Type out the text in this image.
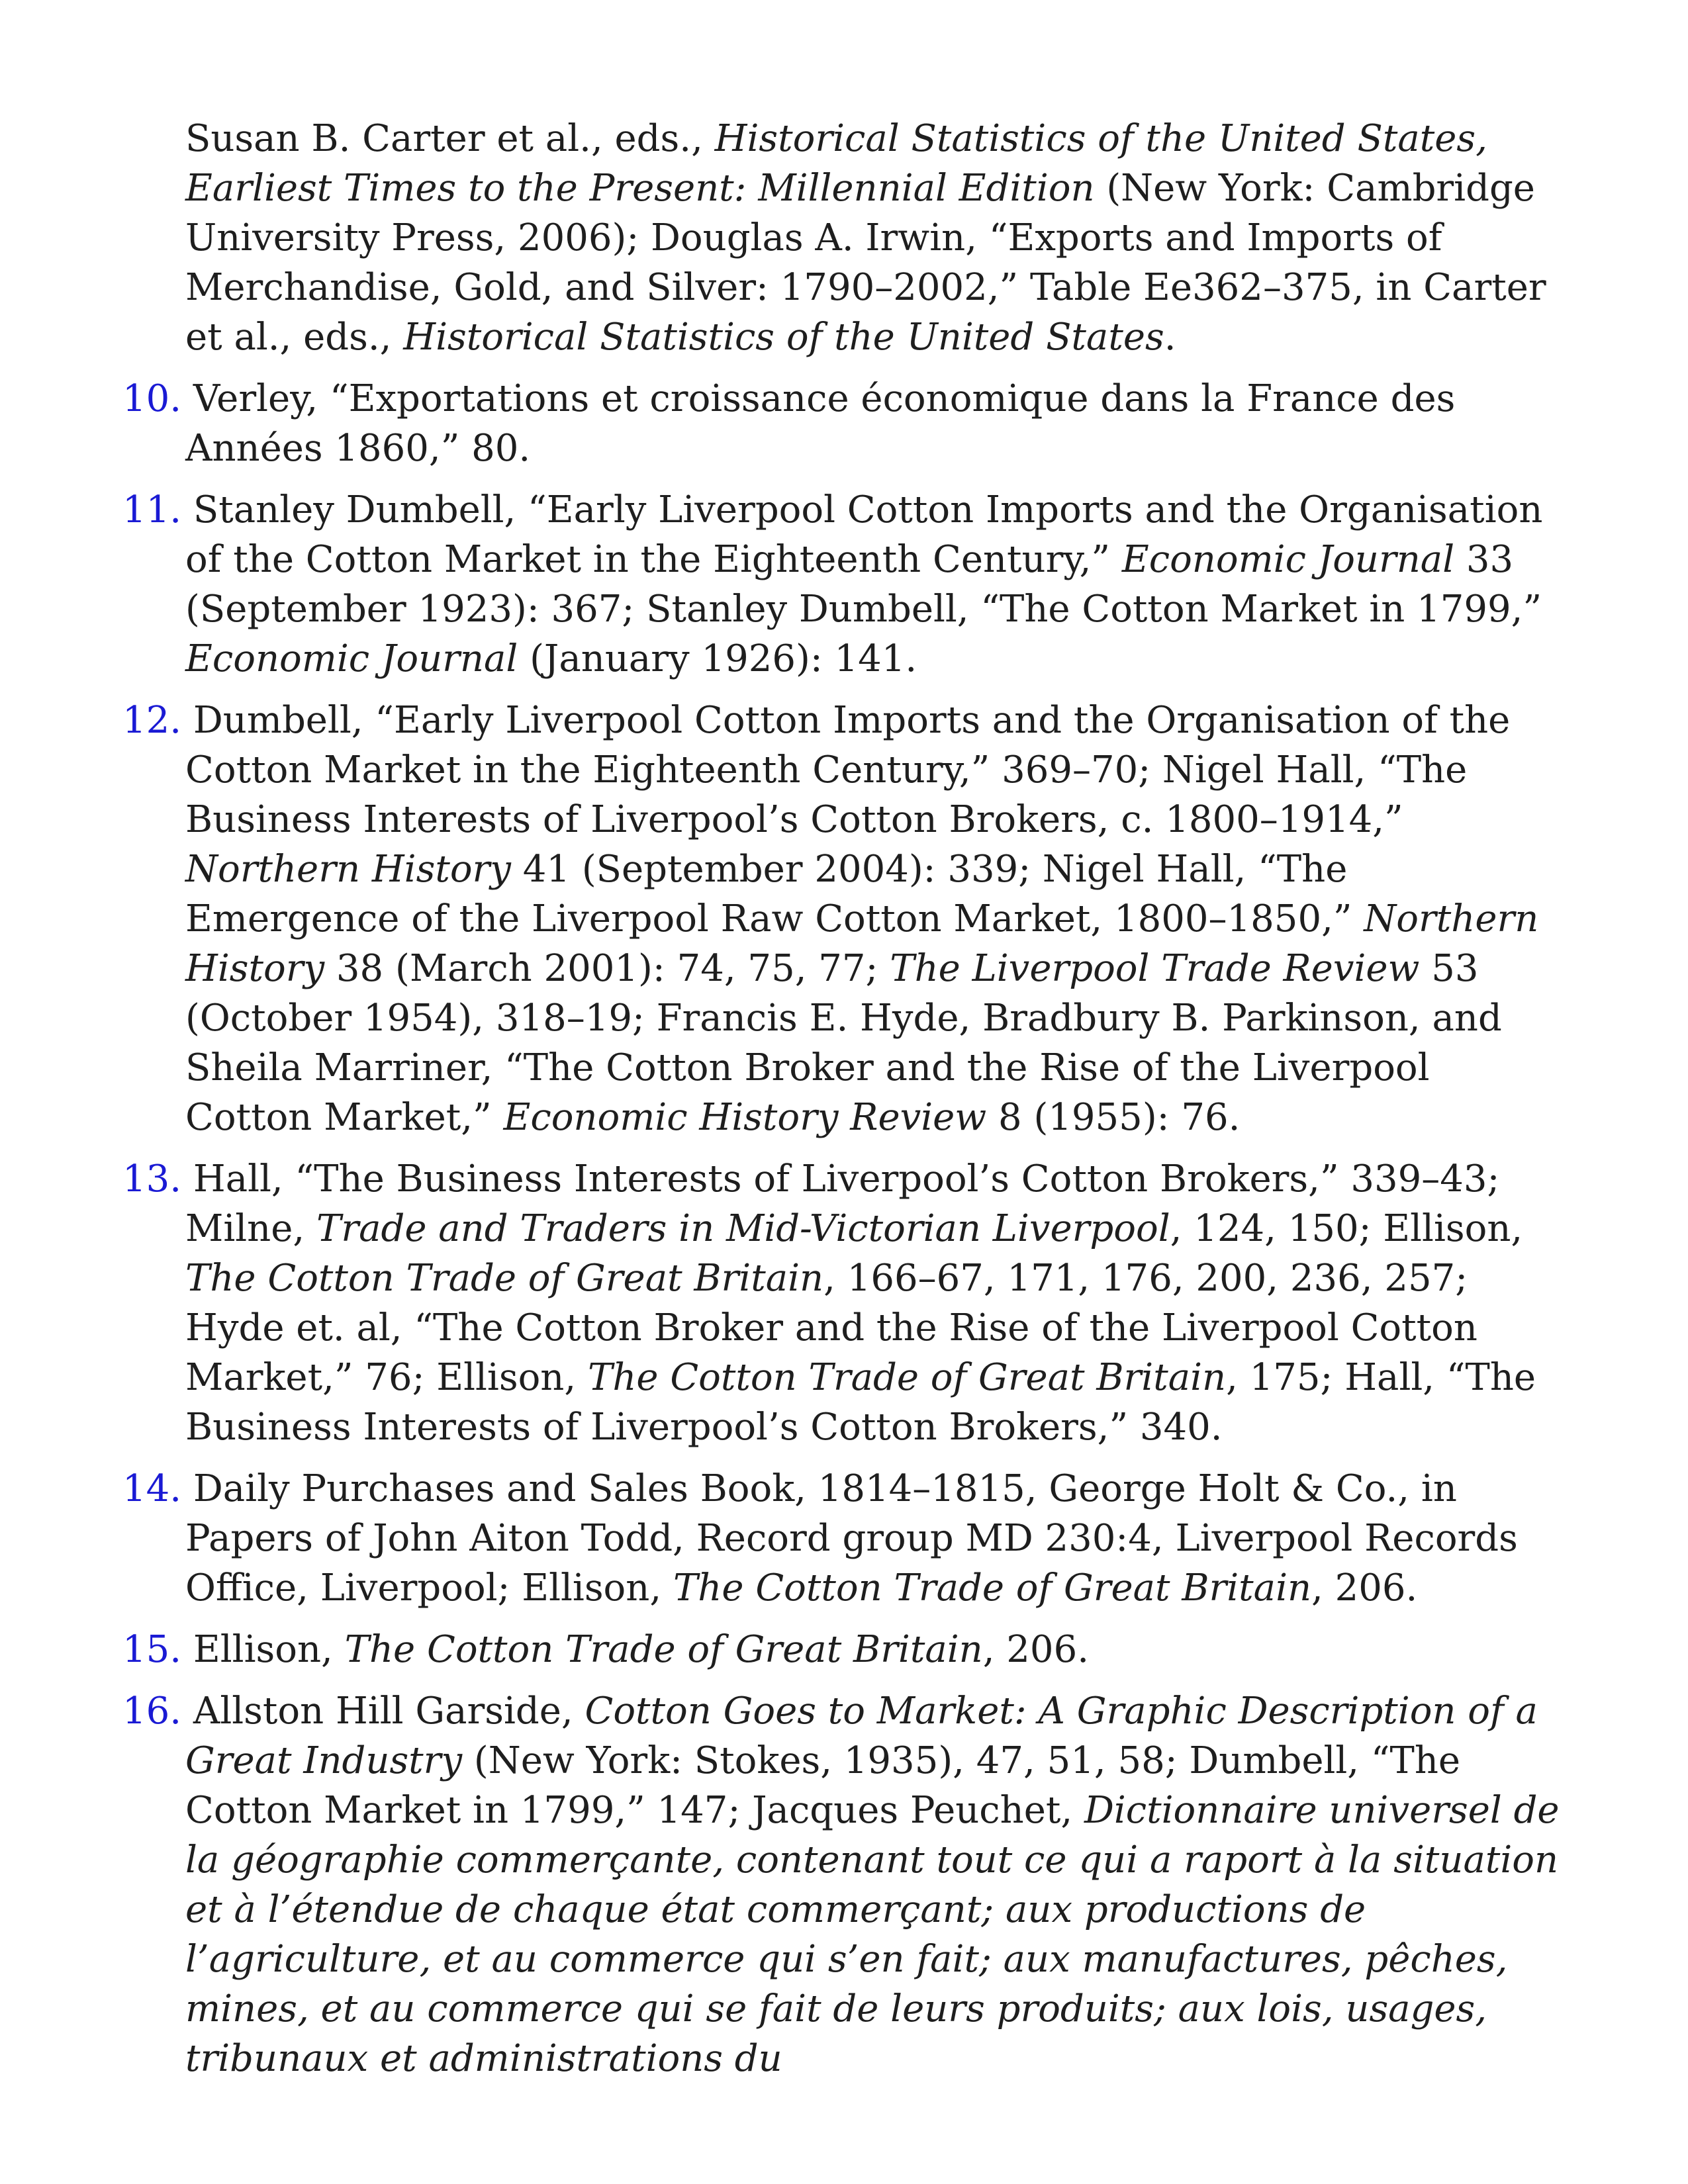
Susan B. Carter et al., eds., Historical Statistics of the United States, Earliest Times to the Present: Millennial Edition (New York: Cambridge University Press, 2006); Douglas A. Irwin, “Exports and Imports of Merchandise, Gold, and Silver: 1790–2002,” Table Ee362–375, in Carter et al., eds., Historical Statistics of the United States.

10. Verley, “Exportations et croissance économique dans la France des Années 1860,” 80.

11. Stanley Dumbell, “Early Liverpool Cotton Imports and the Organisation of the Cotton Market in the Eighteenth Century,” Economic Journal 33 (September 1923): 367; Stanley Dumbell, “The Cotton Market in 1799,” Economic Journal (January 1926): 141.

12. Dumbell, “Early Liverpool Cotton Imports and the Organisation of the Cotton Market in the Eighteenth Century,” 369–70; Nigel Hall, “The Business Interests of Liverpool’s Cotton Brokers, c. 1800–1914,” Northern History 41 (September 2004): 339; Nigel Hall, “The Emergence of the Liverpool Raw Cotton Market, 1800–1850,” Northern History 38 (March 2001): 74, 75, 77; The Liverpool Trade Review 53 (October 1954), 318–19; Francis E. Hyde, Bradbury B. Parkinson, and Sheila Marriner, “The Cotton Broker and the Rise of the Liverpool Cotton Market,” Economic History Review 8 (1955): 76.

13. Hall, “The Business Interests of Liverpool’s Cotton Brokers,” 339–43; Milne, Trade and Traders in Mid-Victorian Liverpool, 124, 150; Ellison, The Cotton Trade of Great Britain, 166–67, 171, 176, 200, 236, 257; Hyde et. al, “The Cotton Broker and the Rise of the Liverpool Cotton Market,” 76; Ellison, The Cotton Trade of Great Britain, 175; Hall, “The Business Interests of Liverpool’s Cotton Brokers,” 340.

14. Daily Purchases and Sales Book, 1814–1815, George Holt & Co., in Papers of John Aiton Todd, Record group MD 230:4, Liverpool Records Office, Liverpool; Ellison, The Cotton Trade of Great Britain, 206.

15. Ellison, The Cotton Trade of Great Britain, 206.

16. Allston Hill Garside, Cotton Goes to Market: A Graphic Description of a Great Industry (New York: Stokes, 1935), 47, 51, 58; Dumbell, “The Cotton Market in 1799,” 147; Jacques Peuchet, Dictionnaire universel de la géographie commerçante, contenant tout ce qui a raport à la situation et à l’étendue de chaque état commerçant; aux productions de l’agriculture, et au commerce qui s’en fait; aux manufactures, pêches, mines, et au commerce qui se fait de leurs produits; aux lois, usages, tribunaux et administrations du
